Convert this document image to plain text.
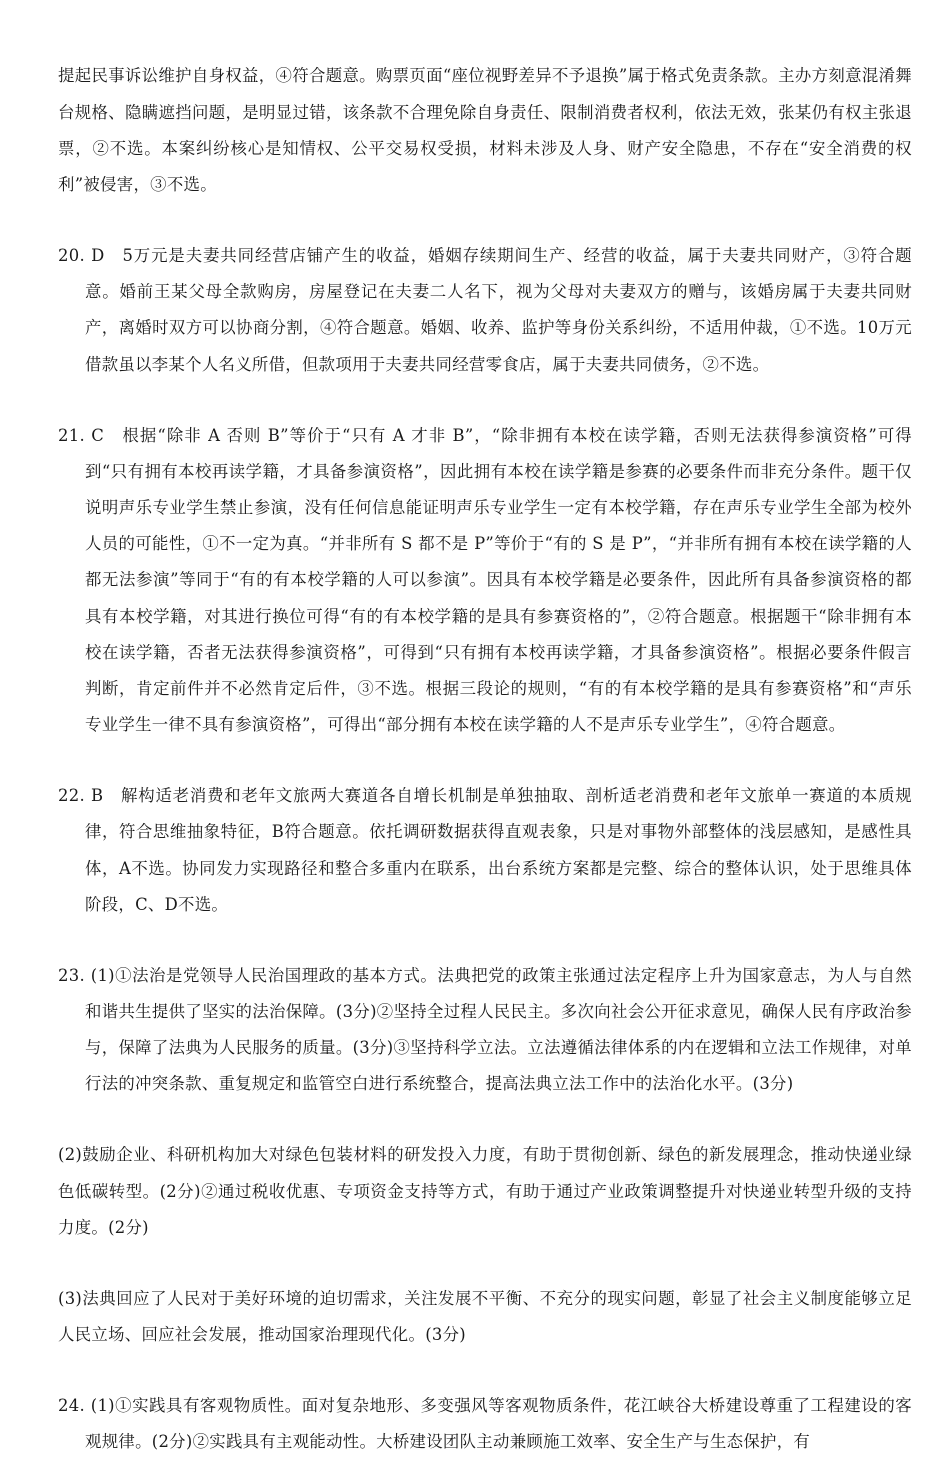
提起民事诉讼维护自身权益，④符合题意。购票页面“座位视野差异不予退换”属于格式免责条款。主办方刻意混淆舞台规格、隐瞒遮挡问题，是明显过错，该条款不合理免除自身责任、限制消费者权利，依法无效，张某仍有权主张退票，②不选。本案纠纷核心是知情权、公平交易权受损，材料未涉及人身、财产安全隐患，不存在“安全消费的权利”被侵害，③不选。

20. D　5万元是夫妻共同经营店铺产生的收益，婚姻存续期间生产、经营的收益，属于夫妻共同财产，③符合题意。婚前王某父母全款购房，房屋登记在夫妻二人名下，视为父母对夫妻双方的赠与，该婚房属于夫妻共同财产，离婚时双方可以协商分割，④符合题意。婚姻、收养、监护等身份关系纠纷，不适用仲裁，①不选。10万元借款虽以李某个人名义所借，但款项用于夫妻共同经营零食店，属于夫妻共同债务，②不选。

21. C　根据“除非 A 否则 B”等价于“只有 A 才非 B”，“除非拥有本校在读学籍，否则无法获得参演资格”可得到“只有拥有本校再读学籍，才具备参演资格”，因此拥有本校在读学籍是参赛的必要条件而非充分条件。题干仅说明声乐专业学生禁止参演，没有任何信息能证明声乐专业学生一定有本校学籍，存在声乐专业学生全部为校外人员的可能性，①不一定为真。“并非所有 S 都不是 P”等价于“有的 S 是 P”，“并非所有拥有本校在读学籍的人都无法参演”等同于“有的有本校学籍的人可以参演”。因具有本校学籍是必要条件，因此所有具备参演资格的都具有本校学籍，对其进行换位可得“有的有本校学籍的是具有参赛资格的”，②符合题意。根据题干“除非拥有本校在读学籍，否者无法获得参演资格”，可得到“只有拥有本校再读学籍，才具备参演资格”。根据必要条件假言判断，肯定前件并不必然肯定后件，③不选。根据三段论的规则，“有的有本校学籍的是具有参赛资格”和“声乐专业学生一律不具有参演资格”，可得出“部分拥有本校在读学籍的人不是声乐专业学生”，④符合题意。

22. B　解构适老消费和老年文旅两大赛道各自增长机制是单独抽取、剖析适老消费和老年文旅单一赛道的本质规律，符合思维抽象特征，B符合题意。依托调研数据获得直观表象，只是对事物外部整体的浅层感知，是感性具体，A不选。协同发力实现路径和整合多重内在联系，出台系统方案都是完整、综合的整体认识，处于思维具体阶段，C、D不选。

23. (1)①法治是党领导人民治国理政的基本方式。法典把党的政策主张通过法定程序上升为国家意志，为人与自然和谐共生提供了坚实的法治保障。(3分)②坚持全过程人民民主。多次向社会公开征求意见，确保人民有序政治参与，保障了法典为人民服务的质量。(3分)③坚持科学立法。立法遵循法律体系的内在逻辑和立法工作规律，对单行法的冲突条款、重复规定和监管空白进行系统整合，提高法典立法工作中的法治化水平。(3分)

(2)鼓励企业、科研机构加大对绿色包装材料的研发投入力度，有助于贯彻创新、绿色的新发展理念，推动快递业绿色低碳转型。(2分)②通过税收优惠、专项资金支持等方式，有助于通过产业政策调整提升对快递业转型升级的支持力度。(2分)

(3)法典回应了人民对于美好环境的迫切需求，关注发展不平衡、不充分的现实问题，彰显了社会主义制度能够立足人民立场、回应社会发展，推动国家治理现代化。(3分)

24. (1)①实践具有客观物质性。面对复杂地形、多变强风等客观物质条件，花江峡谷大桥建设尊重了工程建设的客观规律。(2分)②实践具有主观能动性。大桥建设团队主动兼顾施工效率、安全生产与生态保护，有
